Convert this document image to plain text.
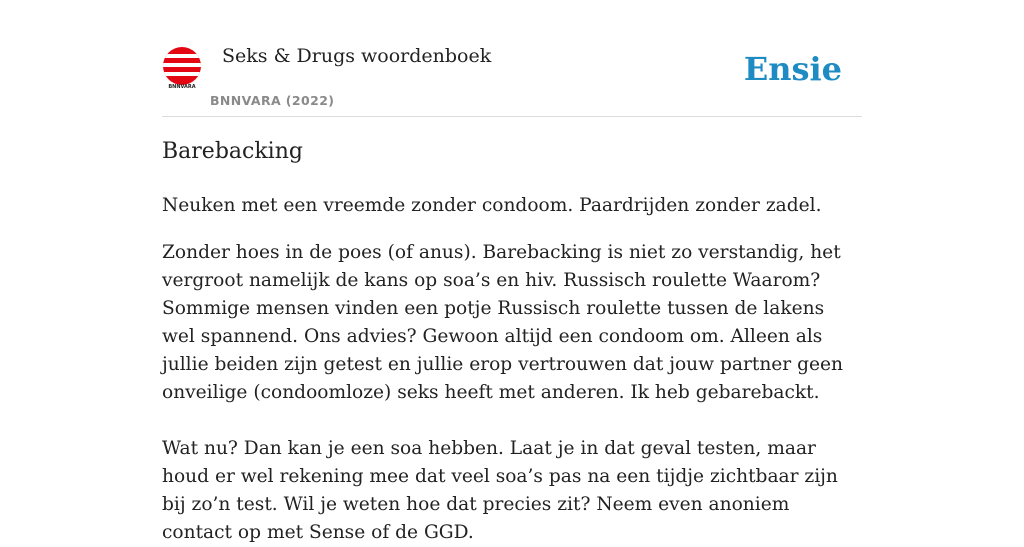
BNNVARA
Seks & Drugs woordenboek
BNNVARA (2022)
Ensie
Barebacking

Neuken met een vreemde zonder condoom. Paardrijden zonder zadel.

Zonder hoes in de poes (of anus). Barebacking is niet zo verstandig, het vergroot namelijk de kans op soa’s en hiv. Russisch roulette Waarom? Sommige mensen vinden een potje Russisch roulette tussen de lakens wel spannend. Ons advies? Gewoon altijd een condoom om. Alleen als jullie beiden zijn getest en jullie erop vertrouwen dat jouw partner geen onveilige (condoomloze) seks heeft met anderen. Ik heb gebarebackt.

Wat nu? Dan kan je een soa hebben. Laat je in dat geval testen, maar houd er wel rekening mee dat veel soa’s pas na een tijdje zichtbaar zijn bij zo’n test. Wil je weten hoe dat precies zit? Neem even anoniem contact op met Sense of de GGD.
